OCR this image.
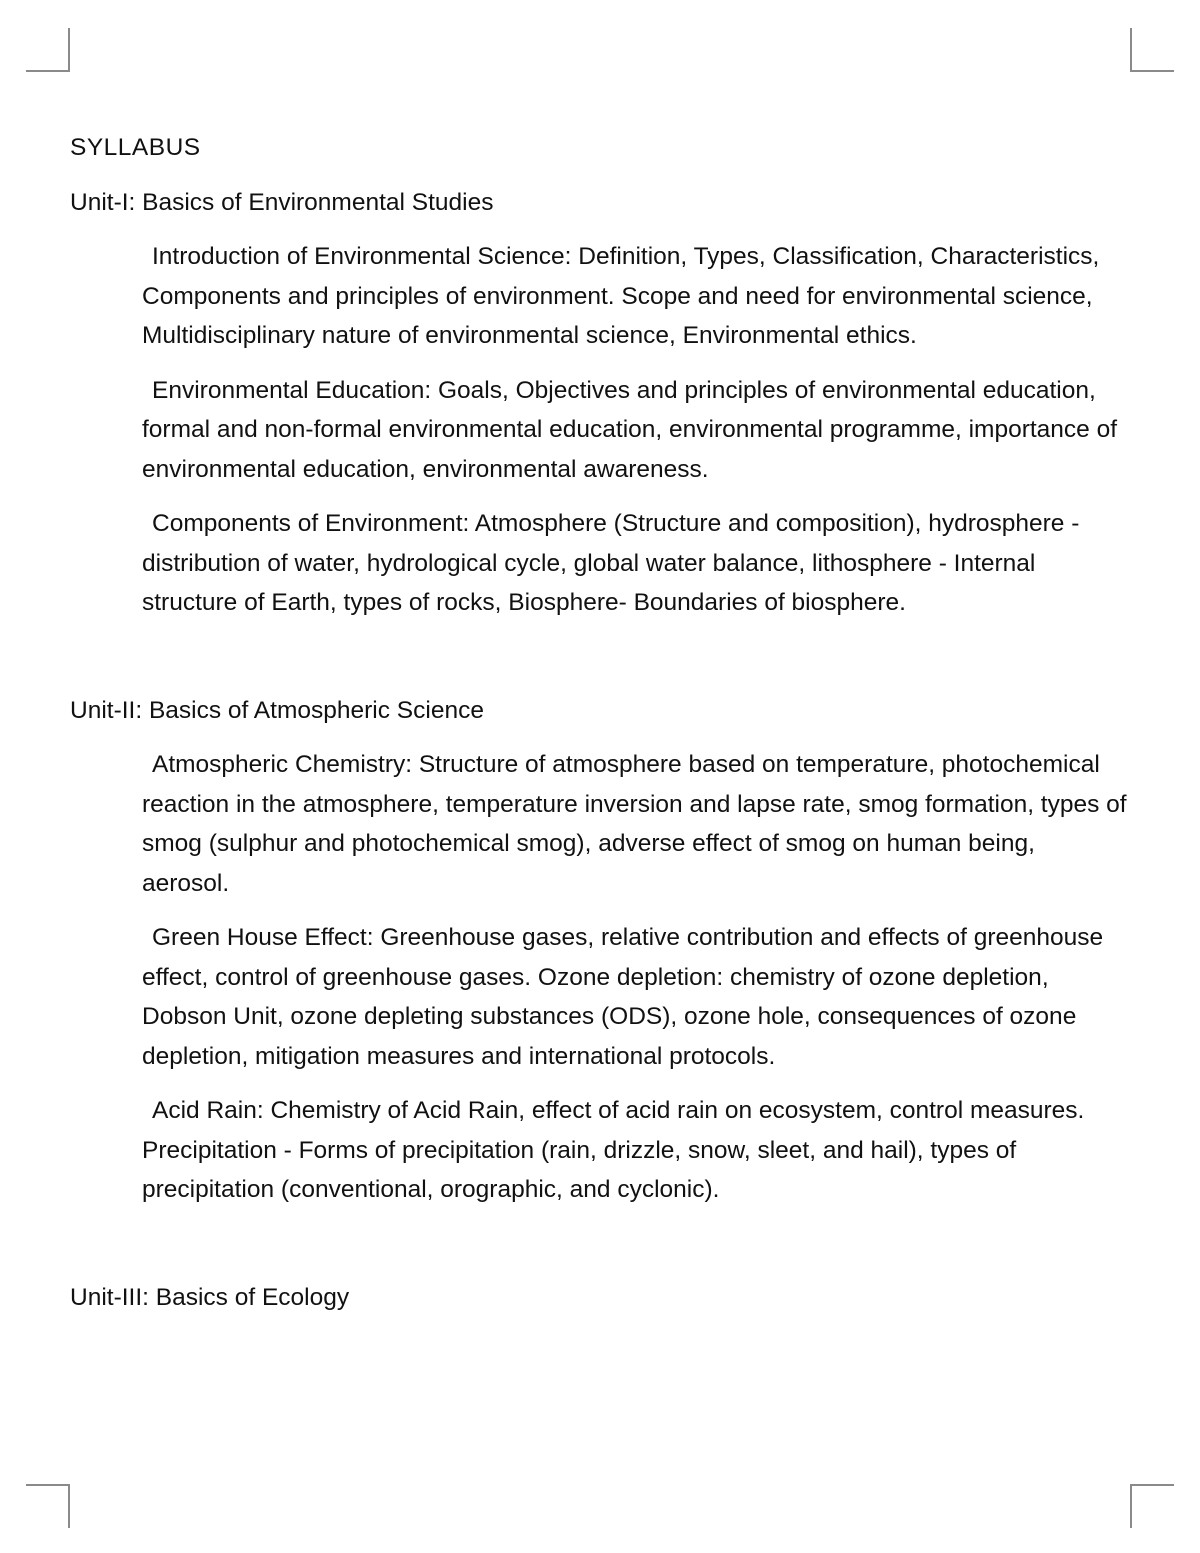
SYLLABUS
Unit-I: Basics of Environmental Studies
Introduction of Environmental Science: Definition, Types, Classification, Characteristics, Components and principles of environment. Scope and need for environmental science, Multidisciplinary nature of environmental science, Environmental ethics.
Environmental Education: Goals, Objectives and principles of environmental education, formal and non-formal environmental education, environmental programme, importance of environmental education, environmental awareness.
Components of Environment: Atmosphere (Structure and composition), hydrosphere - distribution of water, hydrological cycle, global water balance, lithosphere - Internal structure of Earth, types of rocks, Biosphere- Boundaries of biosphere.
Unit-II: Basics of Atmospheric Science
Atmospheric Chemistry: Structure of atmosphere based on temperature, photochemical reaction in the atmosphere, temperature inversion and lapse rate, smog formation, types of smog (sulphur and photochemical smog), adverse effect of smog on human being, aerosol.
Green House Effect: Greenhouse gases, relative contribution and effects of greenhouse effect, control of greenhouse gases. Ozone depletion: chemistry of ozone depletion, Dobson Unit, ozone depleting substances (ODS), ozone hole, consequences of ozone depletion, mitigation measures and international protocols.
Acid Rain: Chemistry of Acid Rain, effect of acid rain on ecosystem, control measures. Precipitation - Forms of precipitation (rain, drizzle, snow, sleet, and hail), types of precipitation (conventional, orographic, and cyclonic).
Unit-III: Basics of Ecology
